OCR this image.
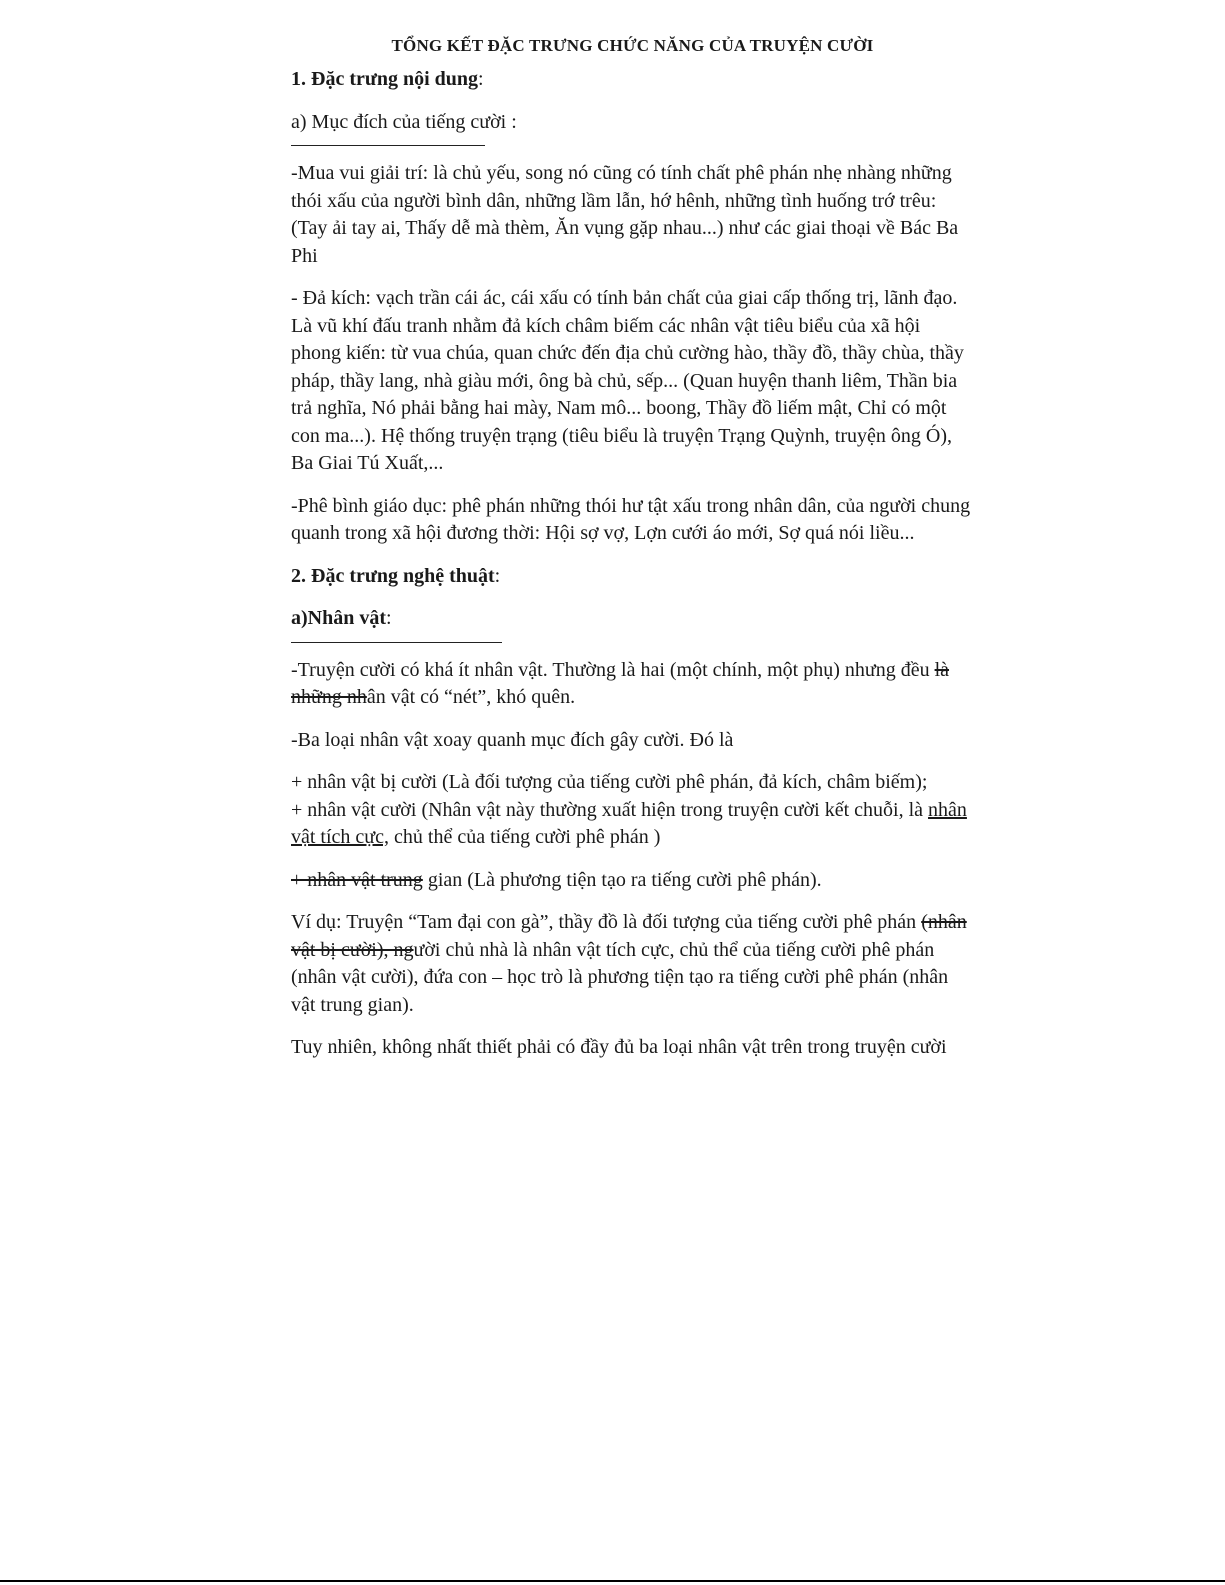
TỔNG KẾT ĐẶC TRƯNG CHỨC NĂNG CỦA TRUYỆN CƯỜI

1. Đặc trưng nội dung:

a) Mục đích của tiếng cười :

-Mua vui giải trí: là chủ yếu, song nó cũng có tính chất phê phán nhẹ nhàng những thói xấu của người bình dân, những lầm lẫn, hớ hênh, những tình huống trớ trêu: (Tay ải tay ai, Thấy dễ mà thèm, Ăn vụng gặp nhau...) như các giai thoại về Bác Ba Phi

- Đả kích: vạch trần cái ác, cái xấu có tính bản chất của giai cấp thống trị, lãnh đạo. Là vũ khí đấu tranh nhằm đả kích châm biếm các nhân vật tiêu biểu của xã hội phong kiến: từ vua chúa, quan chức đến địa chủ cường hào, thầy đồ, thầy chùa, thầy pháp, thầy lang, nhà giàu mới, ông bà chủ, sếp... (Quan huyện thanh liêm, Thần bia trả nghĩa, Nó phải bằng hai mày, Nam mô... boong, Thầy đồ liếm mật, Chỉ có một con ma...). Hệ thống truyện trạng (tiêu biểu là truyện Trạng Quỳnh, truyện ông Ó), Ba Giai Tú Xuất,...

-Phê bình giáo dục: phê phán những thói hư tật xấu trong nhân dân, của người chung quanh trong xã hội đương thời: Hội sợ vợ, Lợn cưới áo mới, Sợ quá nói liều...

2. Đặc trưng nghệ thuật:

a)Nhân vật:

-Truyện cười có khá ít nhân vật. Thường là hai (một chính, một phụ) nhưng đều là những nhân vật có “nét”, khó quên.

-Ba loại nhân vật xoay quanh mục đích gây cười. Đó là

+ nhân vật bị cười (Là đối tượng của tiếng cười phê phán, đả kích, châm biếm);
+ nhân vật cười (Nhân vật này thường xuất hiện trong truyện cười kết chuỗi, là nhân vật tích cực, chủ thể của tiếng cười phê phán )

+ nhân vật trung gian (Là phương tiện tạo ra tiếng cười phê phán).

Ví dụ: Truyện “Tam đại con gà”, thầy đồ là đối tượng của tiếng cười phê phán (nhân vật bị cười), người chủ nhà là nhân vật tích cực, chủ thể của tiếng cười phê phán (nhân vật cười), đứa con – học trò là phương tiện tạo ra tiếng cười phê phán (nhân vật trung gian).

Tuy nhiên, không nhất thiết phải có đầy đủ ba loại nhân vật trên trong truyện cười
